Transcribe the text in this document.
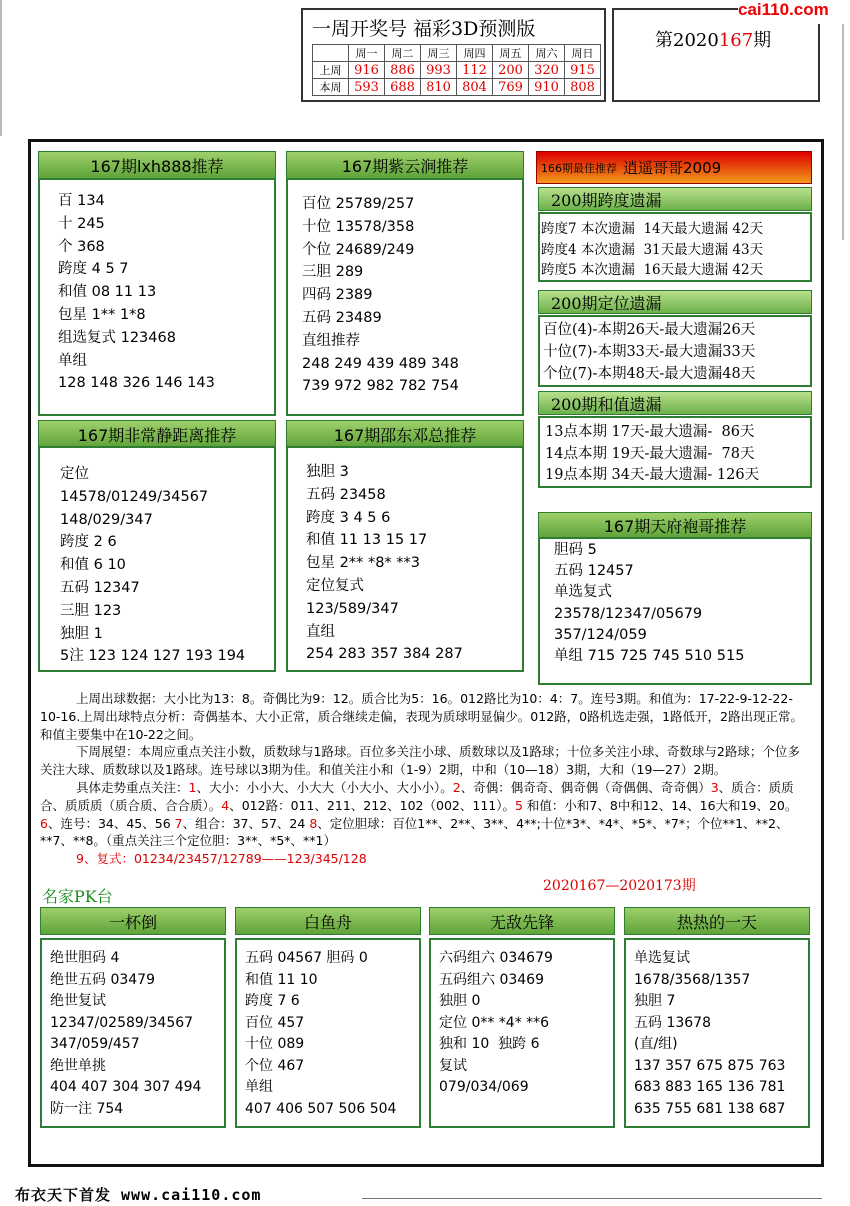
一周开奖号 福彩3D预测版
	周一	周二	周三	周四	周五	周六	周日
上周	916	886	993	112	200	320	915
本周	593	688	810	804	769	910	808
第2020167期
cai110.com
167期lxh888推荐
百 134
十 245
个 368
跨度 4 5 7
和值 08 11 13
包星 1** 1*8
组选复式 123468
单组
128 148 326 146 143
167期紫云涧推荐
百位 25789/257
十位 13578/358
个位 24689/249
三胆 289
四码 2389
五码 23489
直组推荐
248 249 439 489 348
739 972 982 782 754
167期非常静距离推荐
定位
14578/01249/34567
148/029/347
跨度 2 6
和值 6 10
五码 12347
三胆 123
独胆 1
5注 123 124 127 193 194
167期邵东邓总推荐
独胆 3
五码 23458
跨度 3 4 5 6
和值 11 13 15 17
包星 2** *8* **3
定位复式
123/589/347
直组
254 283 357 384 287
166期最佳推荐 逍遥哥哥2009
200期跨度遗漏
跨度7 本次遗漏  14天最大遗漏 42天
跨度4 本次遗漏  31天最大遗漏 43天
跨度5 本次遗漏  16天最大遗漏 42天
200期定位遗漏
百位(4)-本期26天-最大遗漏26天
十位(7)-本期33天-最大遗漏33天
个位(7)-本期48天-最大遗漏48天
200期和值遗漏
13点本期 17天-最大遗漏-  86天
14点本期 19天-最大遗漏-  78天
19点本期 34天-最大遗漏- 126天
167期天府袍哥推荐
胆码 5
五码 12457
单选复式
23578/12347/05679
357/124/059
单组 715 725 745 510 515

上周出球数据：大小比为13：8。奇偶比为9：12。质合比为5：16。012路比为10：4：7。连号3期。和值为：17-22-9-12-22-10-16.上周出球特点分析：奇偶基本、大小正常，质合继续走偏，表现为质球明显偏少。012路，0路机选走强，1路低开，2路出现正常。和值主要集中在10-22之间。

下周展望：本周应重点关注小数，质数球与1路球。百位多关注小球、质数球以及1路球；十位多关注小球、奇数球与2路球；个位多关注大球、质数球以及1路球。连号球以3期为佳。和值关注小和（1-9）2期，中和（10—18）3期，大和（19—27）2期。

具体走势重点关注：1、大小：小小大、小大大（小大小、大小小）。2、奇偶：偶奇奇、偶奇偶（奇偶偶、奇奇偶）3、质合：质质合、质质质（质合质、合合质）。4、012路：011、211、212、102（002、111）。5 和值：小和7、8中和12、14、16大和19、20。6、连号：34、45、56 7、组合：37、57、24 8、定位胆球：百位1**、2**、3**、4**;十位*3*、*4*、*5*、*7*；个位**1、**2、**7、**8。（重点关注三个定位胆：3**、*5*、**1）

9、复式：01234/23457/12789——123/345/128

名家PK台
2020167—2020173期
一杯倒
绝世胆码 4
绝世五码 03479
绝世复试
12347/02589/34567
347/059/457
绝世单挑
404 407 304 307 494
防一注 754
白鱼舟
五码 04567 胆码 0
和值 11 10
跨度 7 6
百位 457
十位 089
个位 467
单组
407 406 507 506 504
无敌先锋
六码组六 034679
五码组六 03469
独胆 0
定位 0** *4* **6
独和 10  独跨 6
复试
079/034/069
热热的一天
单选复试
1678/3568/1357
独胆 7
五码 13678
(直/组)
137 357 675 875 763
683 883 165 136 781
635 755 681 138 687
布衣天下首发 www.cai110.com
